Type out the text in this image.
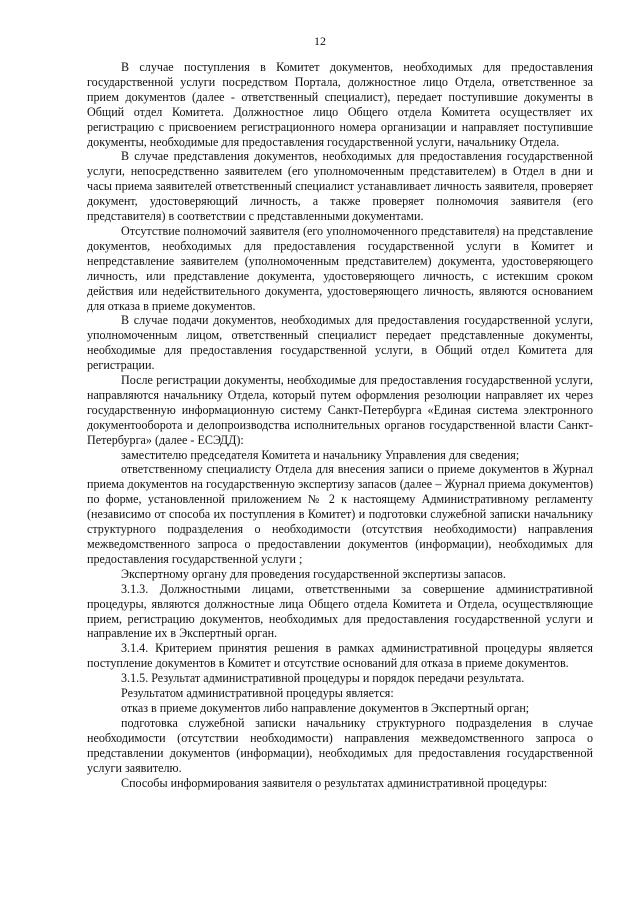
12

В случае поступления в Комитет документов, необходимых для предоставления государственной услуги посредством Портала, должностное лицо Отдела, ответственное за прием документов (далее - ответственный специалист), передает поступившие документы в Общий отдел Комитета. Должностное лицо Общего отдела Комитета осуществляет их регистрацию с присвоением регистрационного номера организации и направляет поступившие документы, необходимые для предоставления государственной услуги, начальнику Отдела.

В случае представления документов, необходимых для предоставления государственной услуги, непосредственно заявителем (его уполномоченным представителем) в Отдел в дни и часы приема заявителей ответственный специалист устанавливает личность заявителя, проверяет документ, удостоверяющий личность, а также проверяет полномочия заявителя (его представителя) в соответствии с представленными документами.

Отсутствие полномочий заявителя (его уполномоченного представителя) на представление документов, необходимых для предоставления государственной услуги в Комитет и непредставление заявителем (уполномоченным представителем) документа, удостоверяющего личность, или представление документа, удостоверяющего личность, с истекшим сроком действия или недействительного документа, удостоверяющего личность, являются основанием для отказа в приеме документов.

В случае подачи документов, необходимых для предоставления государственной услуги, уполномоченным лицом, ответственный специалист передает представленные документы, необходимые для предоставления государственной услуги, в Общий отдел Комитета для регистрации.

После регистрации документы, необходимые для предоставления государственной услуги, направляются начальнику Отдела, который путем оформления резолюции направляет их через государственную информационную систему Санкт-Петербурга «Единая система электронного документооборота и делопроизводства исполнительных органов государственной власти Санкт-Петербурга» (далее - ЕСЭДД):

заместителю председателя Комитета и начальнику Управления для сведения;

ответственному специалисту Отдела для внесения записи о приеме документов в Журнал приема документов на государственную экспертизу запасов (далее – Журнал приема документов) по форме, установленной приложением № 2 к настоящему Административному регламенту (независимо от способа их поступления в Комитет) и подготовки служебной записки начальнику структурного подразделения о необходимости (отсутствия необходимости) направления межведомственного запроса о предоставлении документов (информации), необходимых для предоставления государственной услуги ;

Экспертному органу для проведения государственной экспертизы запасов.

3.1.3. Должностными лицами, ответственными за совершение административной процедуры, являются должностные лица Общего отдела Комитета и Отдела, осуществляющие прием, регистрацию документов, необходимых для предоставления государственной услуги и направление их в Экспертный орган.

3.1.4. Критерием принятия решения в рамках административной процедуры является поступление документов в Комитет и отсутствие оснований для отказа в приеме документов.

3.1.5. Результат административной процедуры и порядок передачи результата.

Результатом административной процедуры является:

отказ в приеме документов либо направление документов в Экспертный орган;

подготовка служебной записки начальнику структурного подразделения в случае необходимости (отсутствии необходимости) направления межведомственного запроса о представлении документов (информации), необходимых для предоставления государственной услуги заявителю.

Способы информирования заявителя о результатах административной процедуры:
